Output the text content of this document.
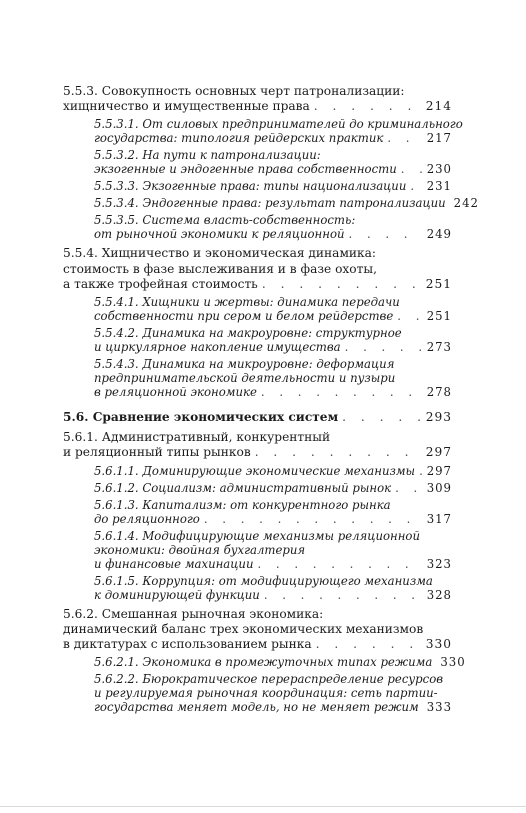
5.5.3. Совокупность основных черт патронализации:
хищничество и имущественные права . . .	214
5.5.3.1. От силовых предпринимателей до криминального
государства: типология рейдерских практик . . .	217
5.5.3.2. На пути к патронализации:
экзогенные и эндогенные права собственности . . .	230
5.5.3.3. Экзогенные права: типы национализации . . . 231
5.5.3.4. Эндогенные права: результат патронализации 242
5.5.3.5. Система власть-собственность:
от рыночной экономики к реляционной . . .	249
5.5.4. Хищничество и экономическая динамика:
стоимость в фазе выслеживания и в фазе охоты,
а также трофейная стоимость . . .	251
5.5.4.1. Хищники и жертвы: динамика передачи
собственности при сером и белом рейдерстве . . .	251
5.5.4.2. Динамика на макроуровне: структурное
и циркулярное накопление имущества . . .	273
5.5.4.3. Динамика на микроуровне: деформация
предпринимательской деятельности и пузыри
в реляционной экономике . . .	278
5.6. Сравнение экономических систем . . .	293
5.6.1. Административный, конкурентный
и реляционный типы рынков . . .	297
5.6.1.1. Доминирующие экономические механизмы . . . 297
5.6.1.2. Социализм: административный рынок . . .	309
5.6.1.3. Капитализм: от конкурентного рынка
до реляционного . . .	317
5.6.1.4. Модифицирующие механизмы реляционной
экономики: двойная бухгалтерия
и финансовые махинации . . .	323
5.6.1.5. Коррупция: от модифицирующего механизма
к доминирующей функции . . .	328
5.6.2. Смешанная рыночная экономика:
динамический баланс трех экономических механизмов
в диктатурах с использованием рынка . . .	330
5.6.2.1. Экономика в промежуточных типах режима 330
5.6.2.2. Бюрократическое перераспределение ресурсов
и регулируемая рыночная координация: сеть партии-
государства меняет модель, но не меняет режим 333
